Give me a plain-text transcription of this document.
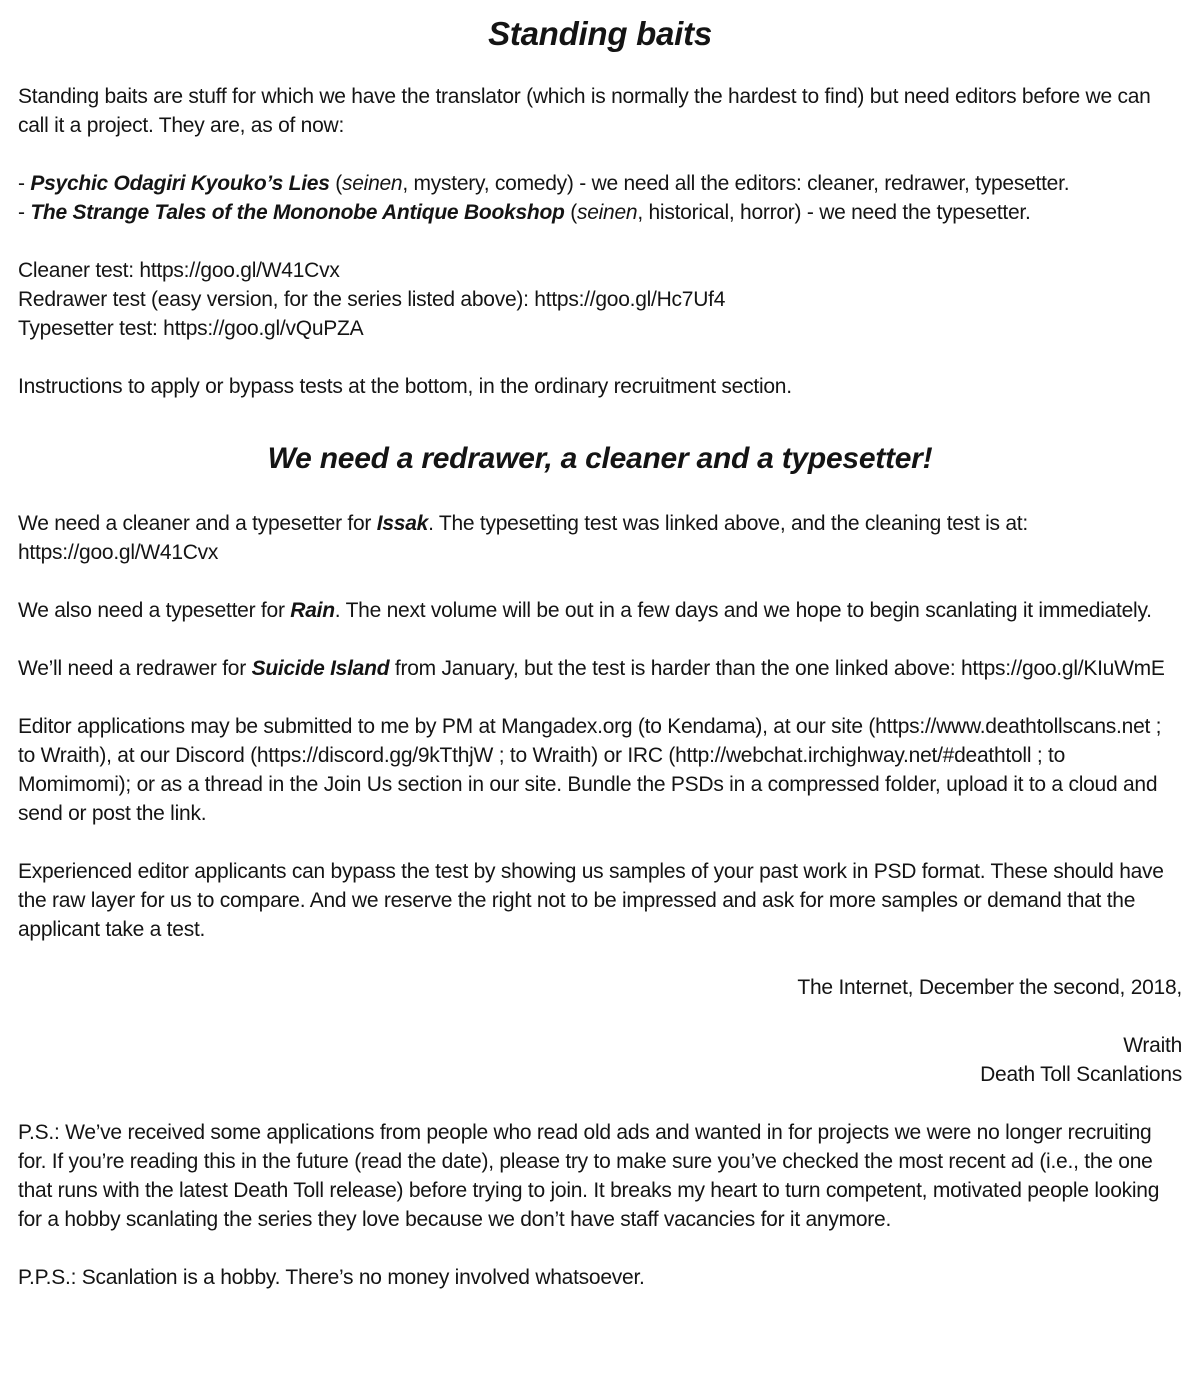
Standing baits

Standing baits are stuff for which we have the translator (which is normally the hardest to find) but need editors before we can call it a project. They are, as of now:

- Psychic Odagiri Kyouko’s Lies (seinen, mystery, comedy) - we need all the editors: cleaner, redrawer, typesetter.
- The Strange Tales of the Mononobe Antique Bookshop (seinen, historical, horror) - we need the typesetter.
Cleaner test: https://goo.gl/W41Cvx
Redrawer test (easy version, for the series listed above): https://goo.gl/Hc7Uf4
Typesetter test: https://goo.gl/vQuPZA

Instructions to apply or bypass tests at the bottom, in the ordinary recruitment section.

We need a redrawer, a cleaner and a typesetter!

We need a cleaner and a typesetter for Issak. The typesetting test was linked above, and the cleaning test is at: https://goo.gl/W41Cvx

We also need a typesetter for Rain. The next volume will be out in a few days and we hope to begin scanlating it immediately.

We’ll need a redrawer for Suicide Island from January, but the test is harder than the one linked above: https://goo.gl/KIuWmE

Editor applications may be submitted to me by PM at Mangadex.org (to Kendama), at our site (https://www.deathtollscans.net ; to Wraith), at our Discord (https://discord.gg/9kTthjW ; to Wraith) or IRC (http://webchat.irchighway.net/#deathtoll ; to Momimomi); or as a thread in the Join Us section in our site. Bundle the PSDs in a compressed folder, upload it to a cloud and send or post the link.

Experienced editor applicants can bypass the test by showing us samples of your past work in PSD format. These should have the raw layer for us to compare. And we reserve the right not to be impressed and ask for more samples or demand that the applicant take a test.

The Internet, December the second, 2018,

Wraith
Death Toll Scanlations

P.S.: We’ve received some applications from people who read old ads and wanted in for projects we were no longer recruiting for. If you’re reading this in the future (read the date), please try to make sure you’ve checked the most recent ad (i.e., the one that runs with the latest Death Toll release) before trying to join. It breaks my heart to turn competent, motivated people looking for a hobby scanlating the series they love because we don’t have staff vacancies for it anymore.

P.P.S.: Scanlation is a hobby. There’s no money involved whatsoever.
